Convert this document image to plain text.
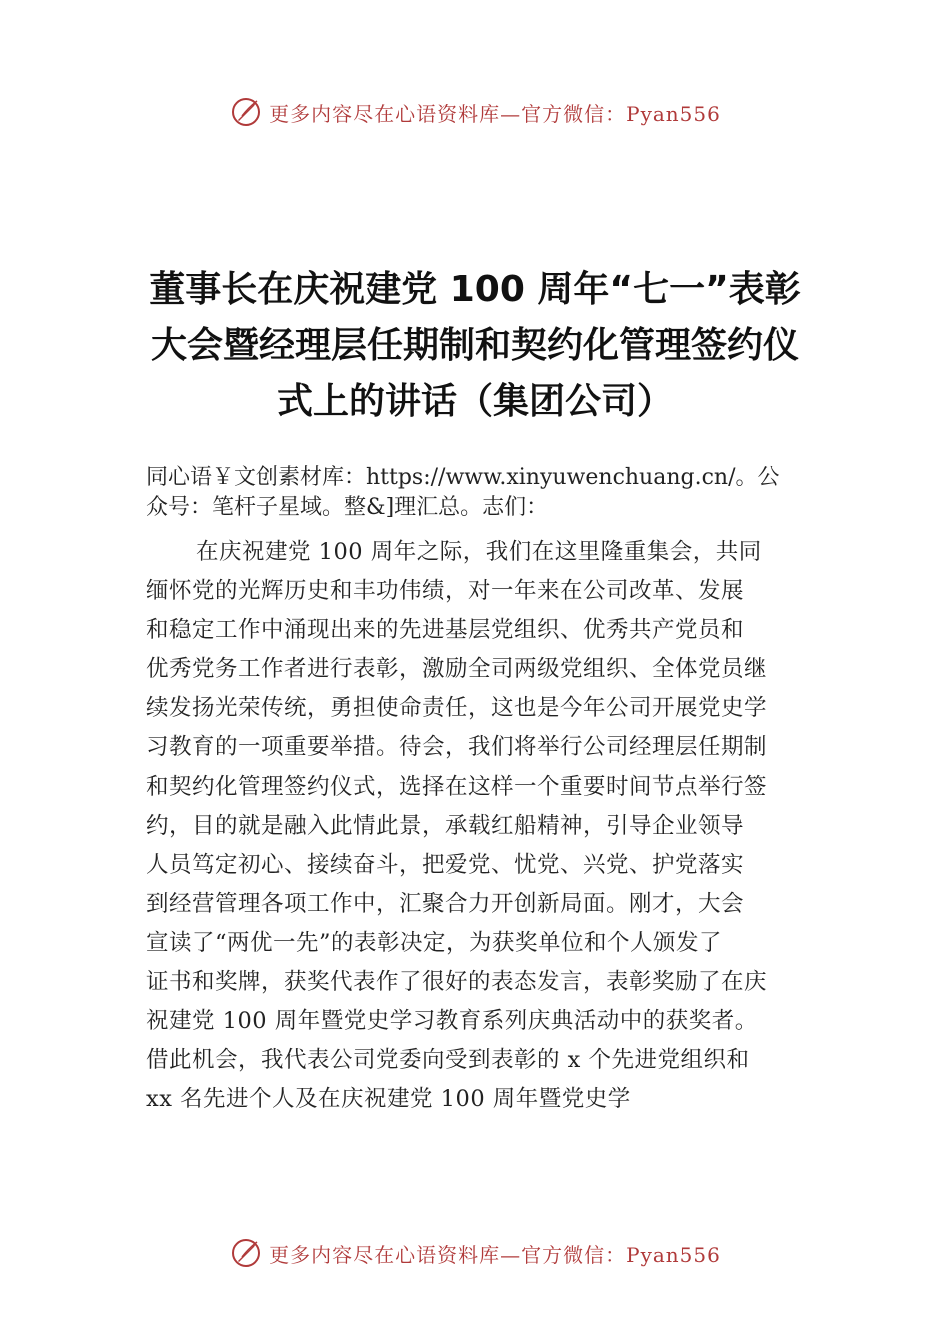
更多内容尽在心语资料库—官方微信：Pyan556
董事长在庆祝建党 100 周年“七一”表彰
大会暨经理层任期制和契约化管理签约仪
式上的讲话（集团公司）
同心语￥文创素材库：https://www.xinyuwenchuang.cn/。公
众号：笔杆子星域。整&]理汇总。志们：
在庆祝建党 100 周年之际，我们在这里隆重集会，共同
缅怀党的光辉历史和丰功伟绩，对一年来在公司改革、发展
和稳定工作中涌现出来的先进基层党组织、优秀共产党员和
优秀党务工作者进行表彰，激励全司两级党组织、全体党员继
续发扬光荣传统，勇担使命责任，这也是今年公司开展党史学
习教育的一项重要举措。待会，我们将举行公司经理层任期制
和契约化管理签约仪式，选择在这样一个重要时间节点举行签
约，目的就是融入此情此景，承载红船精神，引导企业领导
人员笃定初心、接续奋斗，把爱党、忧党、兴党、护党落实
到经营管理各项工作中，汇聚合力开创新局面。刚才，大会
宣读了“两优一先”的表彰决定，为获奖单位和个人颁发了
证书和奖牌，获奖代表作了很好的表态发言，表彰奖励了在庆
祝建党 100 周年暨党史学习教育系列庆典活动中的获奖者。
借此机会，我代表公司党委向受到表彰的 x 个先进党组织和
xx 名先进个人及在庆祝建党 100 周年暨党史学
更多内容尽在心语资料库—官方微信：Pyan556
